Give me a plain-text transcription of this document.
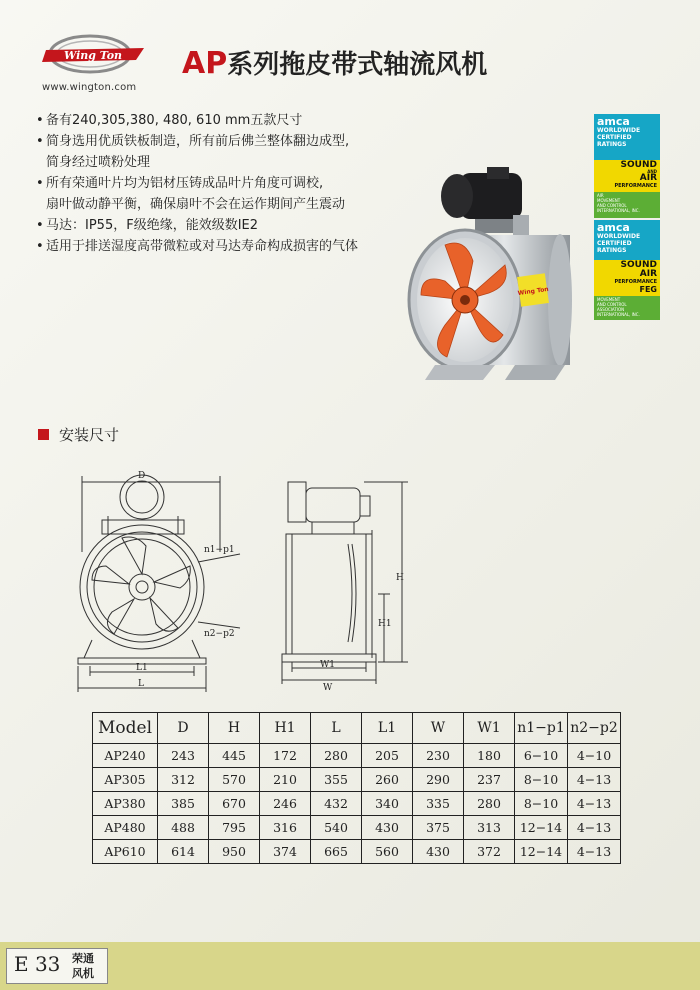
Wing Ton
www.wington.com
AP系列拖皮带式轴流风机
• 备有240,305,380, 480, 610 mm五款尺寸
• 简身选用优质铁板制造，所有前后佛兰整体翻边成型,
简身经过喷粉处理
• 所有荣通叶片均为铝材压铸成品叶片角度可调校,
扇叶做动静平衡，确保扇叶不会在运作期间产生震动
• 马达：IP55，F级绝缘，能效级数IE2
• 适用于排送湿度高带微粒或对马达寿命构成损害的气体
amca
WORLDWIDE
CERTIFIED
RATINGS
SOUND
AND
AIR
PERFORMANCE
AIR
MOVEMENT
AND CONTROL
INTERNATIONAL, INC.
amca
WORLDWIDE
CERTIFIED
RATINGS
SOUND
AIR
PERFORMANCE
FEG
MOVEMENT
AND CONTROL
ASSOCIATION
INTERNATIONAL, INC.
Wing Ton
安装尺寸
D
L1
L
n1−p1
n2−p2
W1
W
H1
H
Model	D	H	H1	L	L1	W	W1	n1−p1	n2−p2
AP240	243	445	172	280	205	230	180	6−10	4−10
AP305	312	570	210	355	260	290	237	8−10	4−13
AP380	385	670	246	432	340	335	280	8−10	4−13
AP480	488	795	316	540	430	375	313	12−14	4−13
AP610	614	950	374	665	560	430	372	12−14	4−13
E 33 荣通
风机
